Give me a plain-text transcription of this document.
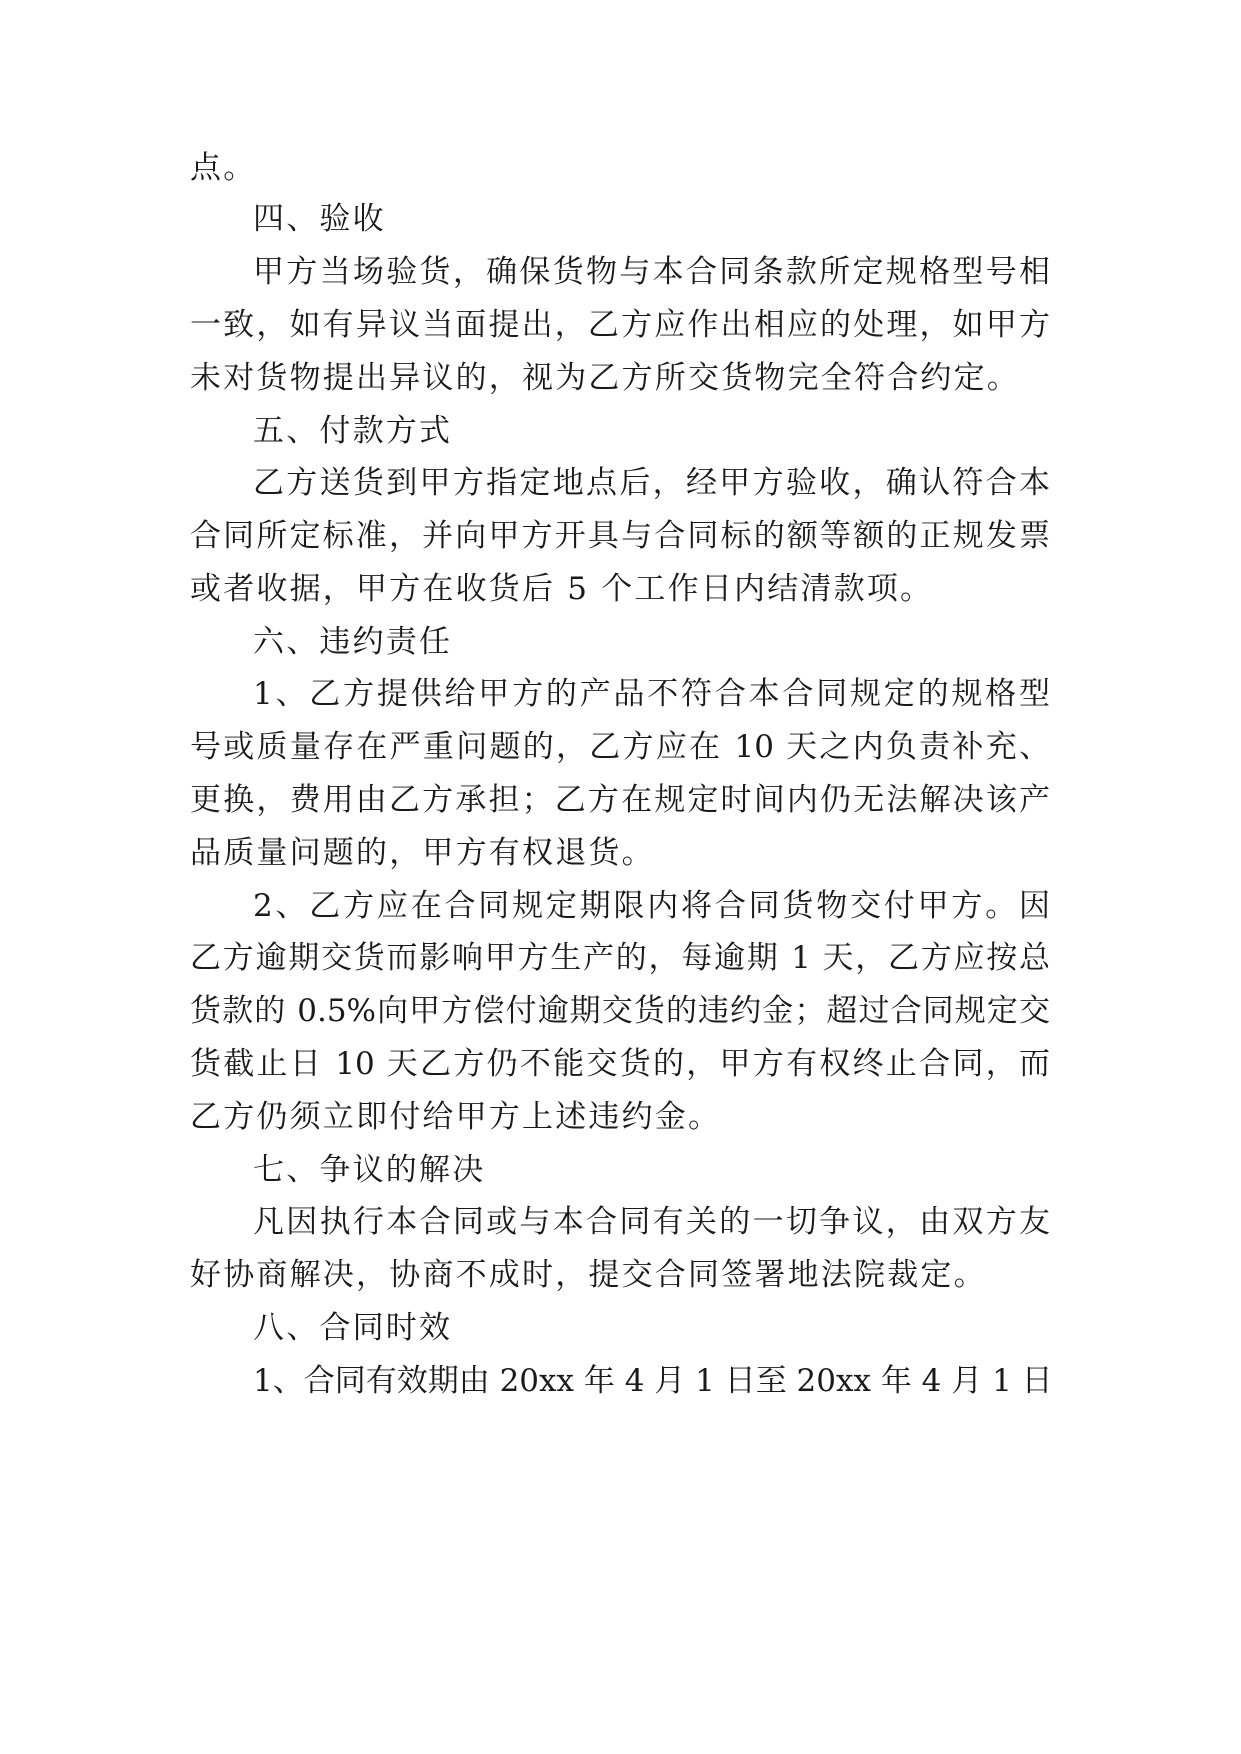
点。
四、验收
甲方当场验货，确保货物与本合同条款所定规格型号相
一致，如有异议当面提出，乙方应作出相应的处理，如甲方
未对货物提出异议的，视为乙方所交货物完全符合约定。
五、付款方式
乙方送货到甲方指定地点后，经甲方验收，确认符合本
合同所定标准，并向甲方开具与合同标的额等额的正规发票
或者收据，甲方在收货后 5 个工作日内结清款项。
六、违约责任
1、乙方提供给甲方的产品不符合本合同规定的规格型
号或质量存在严重问题的，乙方应在 10 天之内负责补充、
更换，费用由乙方承担；乙方在规定时间内仍无法解决该产
品质量问题的，甲方有权退货。
2、乙方应在合同规定期限内将合同货物交付甲方。因
乙方逾期交货而影响甲方生产的，每逾期 1 天，乙方应按总
货款的 0.5%向甲方偿付逾期交货的违约金；超过合同规定交
货截止日 10 天乙方仍不能交货的，甲方有权终止合同，而
乙方仍须立即付给甲方上述违约金。
七、争议的解决
凡因执行本合同或与本合同有关的一切争议，由双方友
好协商解决，协商不成时，提交合同签署地法院裁定。
八、合同时效
1、合同有效期由 20xx 年 4 月 1 日至 20xx 年 4 月 1 日
